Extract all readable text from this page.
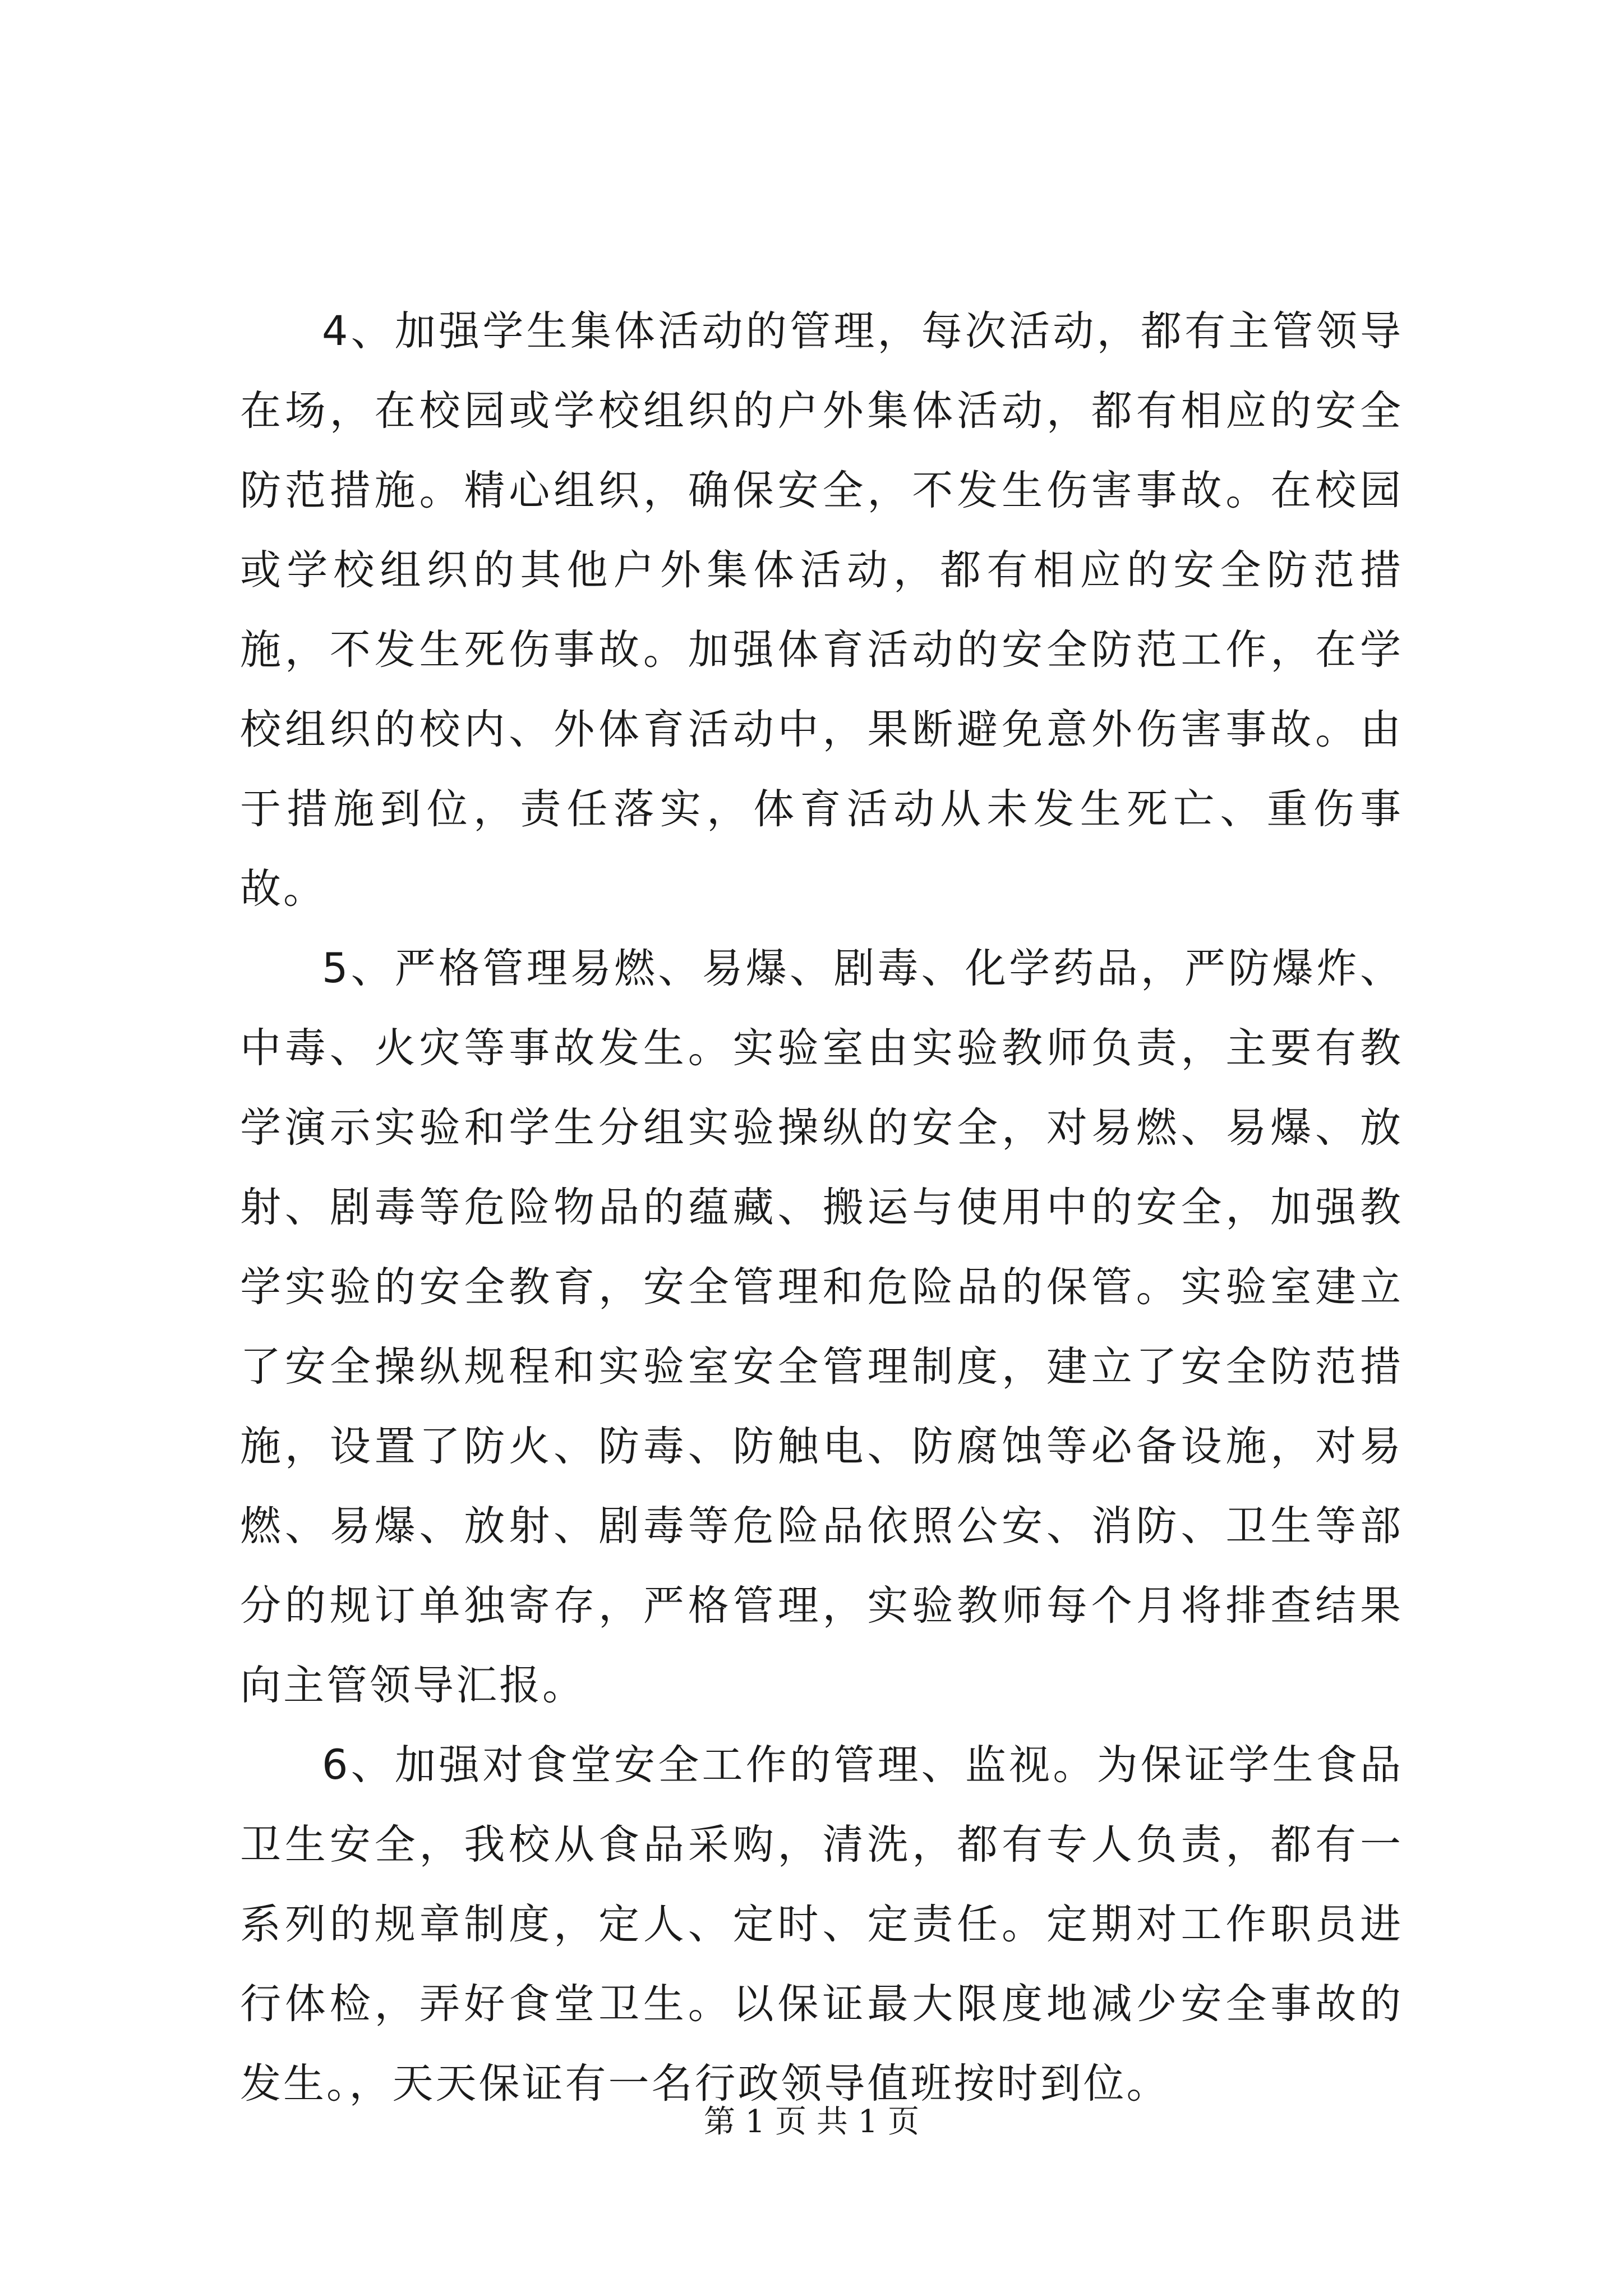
4、加强学生集体活动的管理，每次活动，都有主管领导在场，在校园或学校组织的户外集体活动，都有相应的安全防范措施。精心组织，确保安全，不发生伤害事故。在校园或学校组织的其他户外集体活动，都有相应的安全防范措施，不发生死伤事故。加强体育活动的安全防范工作，在学校组织的校内、外体育活动中，果断避免意外伤害事故。由于措施到位，责任落实，体育活动从未发生死亡、重伤事故。

5、严格管理易燃、易爆、剧毒、化学药品，严防爆炸、中毒、火灾等事故发生。实验室由实验教师负责，主要有教学演示实验和学生分组实验操纵的安全，对易燃、易爆、放射、剧毒等危险物品的蕴藏、搬运与使用中的安全，加强教学实验的安全教育，安全管理和危险品的保管。实验室建立了安全操纵规程和实验室安全管理制度，建立了安全防范措施，设置了防火、防毒、防触电、防腐蚀等必备设施，对易燃、易爆、放射、剧毒等危险品依照公安、消防、卫生等部分的规订单独寄存，严格管理，实验教师每个月将排查结果向主管领导汇报。

6、加强对食堂安全工作的管理、监视。为保证学生食品卫生安全，我校从食品采购，清洗，都有专人负责，都有一系列的规章制度，定人、定时、定责任。定期对工作职员进行体检，弄好食堂卫生。以保证最大限度地减少安全事故的发生。，天天保证有一名行政领导值班按时到位。

第 1 页 共 1 页
